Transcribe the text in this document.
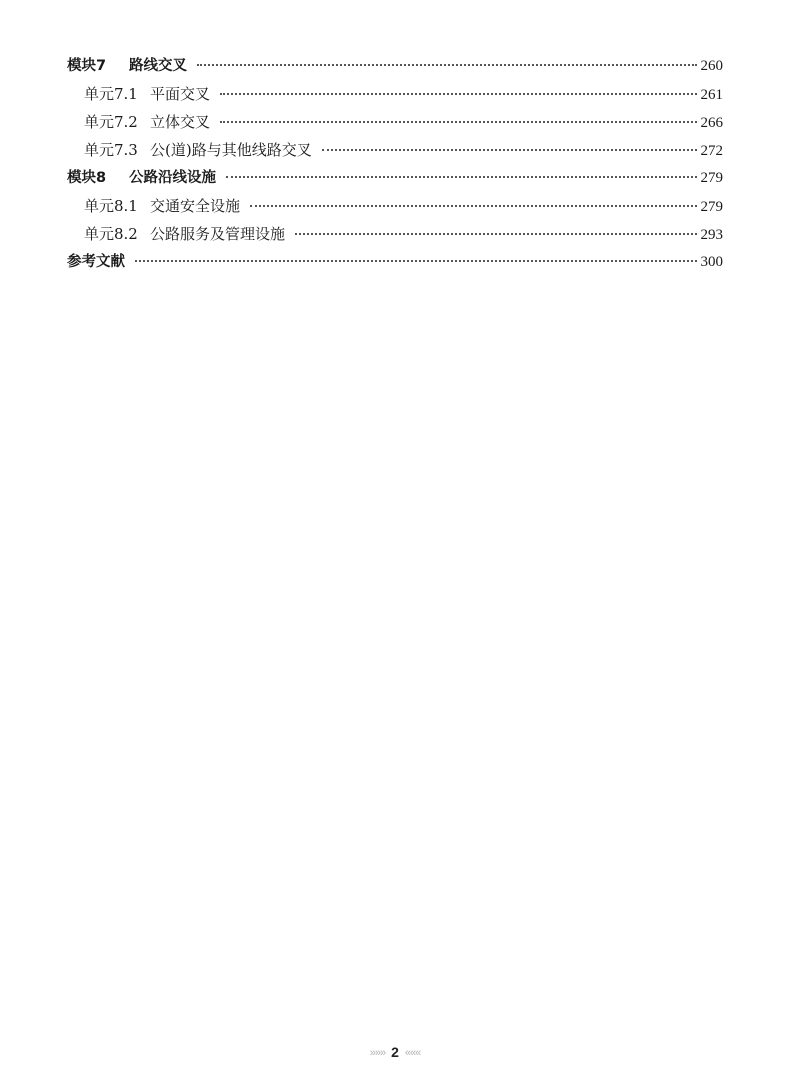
模块7 路线交叉	260
单元7.1 平面交叉	261
单元7.2 立体交叉	266
单元7.3 公(道)路与其他线路交叉	272
模块8 公路沿线设施	279
单元8.1 交通安全设施	279
单元8.2 公路服务及管理设施	293
参考文献	300
»»» 2 «««
